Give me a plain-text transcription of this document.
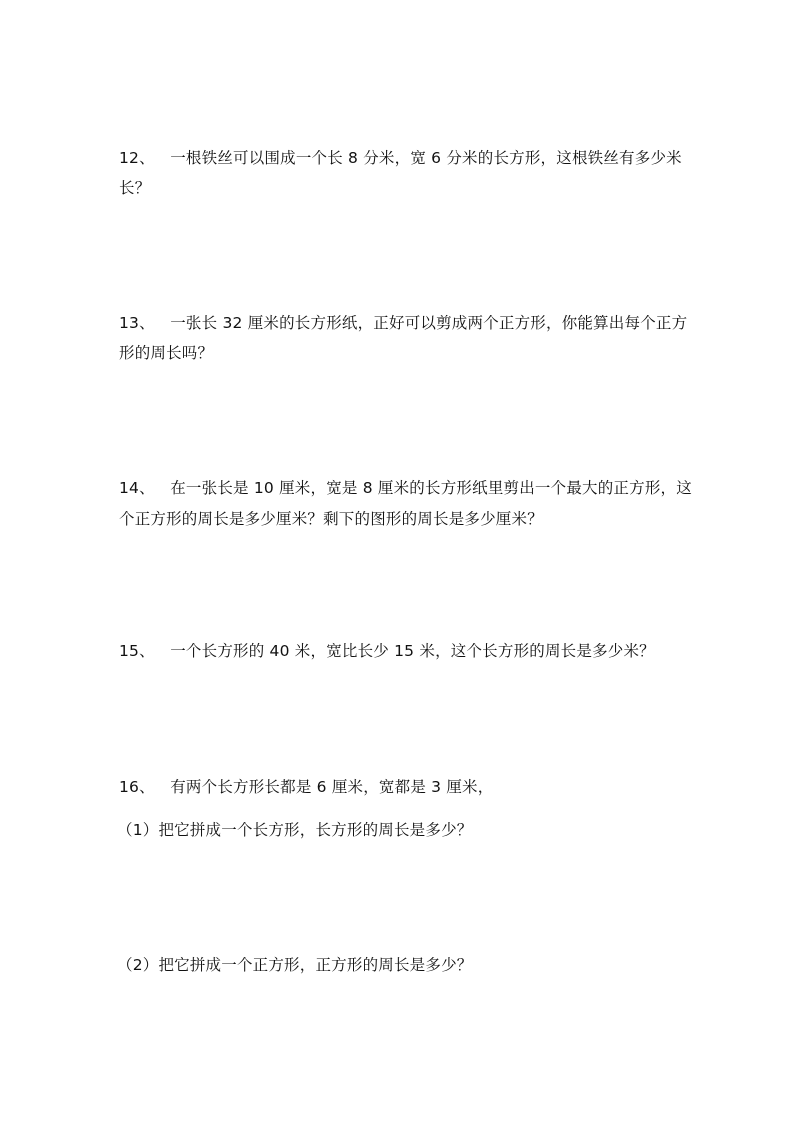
12、 一根铁丝可以围成一个长 8 分米，宽 6 分米的长方形，这根铁丝有多少米
长？
13、 一张长 32 厘米的长方形纸，正好可以剪成两个正方形，你能算出每个正方
形的周长吗？
14、 在一张长是 10 厘米，宽是 8 厘米的长方形纸里剪出一个最大的正方形，这
个正方形的周长是多少厘米？剩下的图形的周长是多少厘米？
15、 一个长方形的 40 米，宽比长少 15 米，这个长方形的周长是多少米？
16、 有两个长方形长都是 6 厘米，宽都是 3 厘米，
（1）把它拼成一个长方形，长方形的周长是多少？
（2）把它拼成一个正方形，正方形的周长是多少？
